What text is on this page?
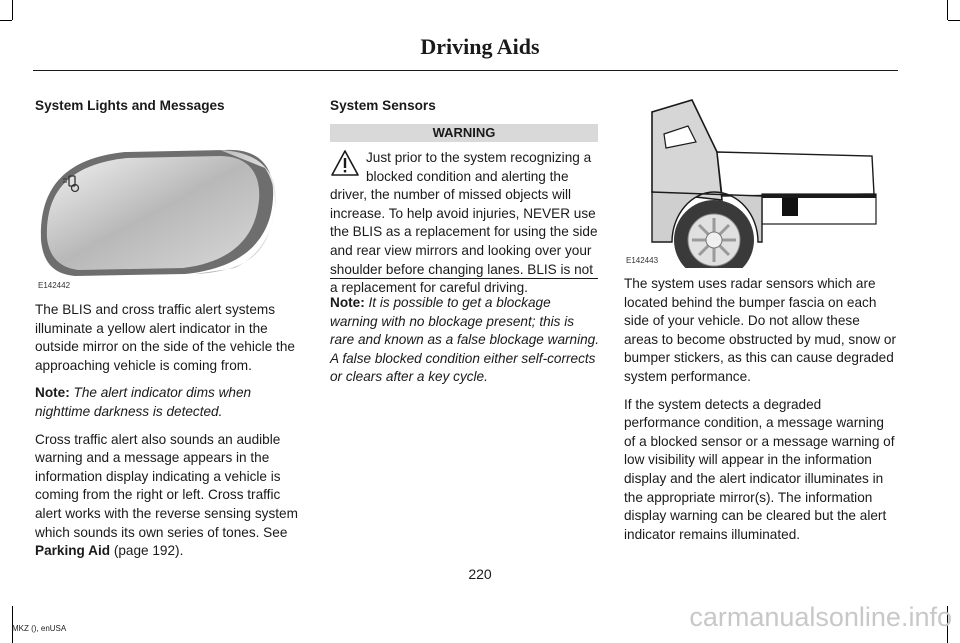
Driving Aids

System Lights and Messages

E142442

The BLIS and cross traffic alert systems illuminate a yellow alert indicator in the outside mirror on the side of the vehicle the approaching vehicle is coming from.

Note: The alert indicator dims when nighttime darkness is detected.

Cross traffic alert also sounds an audible warning and a message appears in the information display indicating a vehicle is coming from the right or left. Cross traffic alert works with the reverse sensing system which sounds its own series of tones. See Parking Aid (page 192).

System Sensors

WARNING
Just prior to the system recognizing a blocked condition and alerting the driver, the number of missed objects will increase. To help avoid injuries, NEVER use the BLIS as a replacement for using the side and rear view mirrors and looking over your shoulder before changing lanes. BLIS is not a replacement for careful driving.

Note: It is possible to get a blockage warning with no blockage present; this is rare and known as a false blockage warning. A false blocked condition either self-corrects or clears after a key cycle.

E142443

The system uses radar sensors which are located behind the bumper fascia on each side of your vehicle. Do not allow these areas to become obstructed by mud, snow or bumper stickers, as this can cause degraded system performance.

If the system detects a degraded performance condition, a message warning of a blocked sensor or a message warning of low visibility will appear in the information display and the alert indicator illuminates in the appropriate mirror(s). The information display warning can be cleared but the alert indicator remains illuminated.

220
MKZ (), enUSA	carmanualsonline.info
